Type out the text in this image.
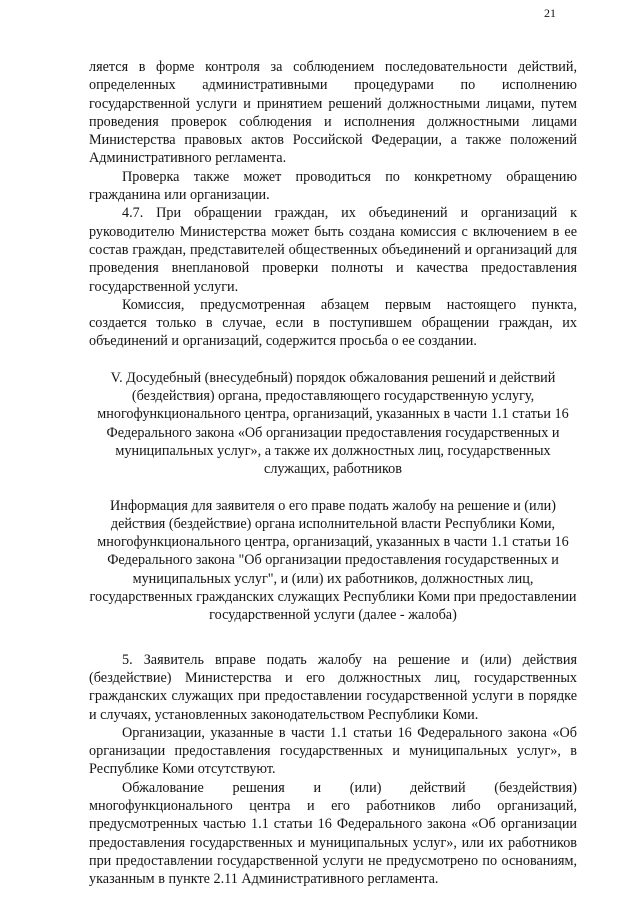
21

ляется в форме контроля за соблюдением последовательности действий, определенных административными процедурами по исполнению государственной услуги и принятием решений должностными лицами, путем проведения проверок соблюдения и исполнения должностными лицами Министерства правовых актов Российской Федерации, а также положений Административного регламента.

Проверка также может проводиться по конкретному обращению гражданина или организации.

4.7. При обращении граждан, их объединений и организаций к руководителю Министерства может быть создана комиссия с включением в ее состав граждан, представителей общественных объединений и организаций для проведения внеплановой проверки полноты и качества предоставления государственной услуги.

Комиссия, предусмотренная абзацем первым настоящего пункта, создается только в случае, если в поступившем обращении граждан, их объединений и организаций, содержится просьба о ее создании.

V. Досудебный (внесудебный) порядок обжалования решений и действий (бездействия) органа, предоставляющего государственную услугу, многофункционального центра, организаций, указанных в части 1.1 статьи 16 Федерального закона «Об организации предоставления государственных и муниципальных услуг», а также их должностных лиц, государственных служащих, работников

Информация для заявителя о его праве подать жалобу на решение и (или) действия (бездействие) органа исполнительной власти Республики Коми, многофункционального центра, организаций, указанных в части 1.1 статьи 16 Федерального закона "Об организации предоставления государственных и муниципальных услуг", и (или) их работников, должностных лиц, государственных гражданских служащих Республики Коми при предоставлении государственной услуги (далее - жалоба)

5. Заявитель вправе подать жалобу на решение и (или) действия (бездействие) Министерства и его должностных лиц, государственных гражданских служащих при предоставлении государственной услуги в порядке и случаях, установленных законодательством Республики Коми.

Организации, указанные в части 1.1 статьи 16 Федерального закона «Об организации предоставления государственных и муниципальных услуг», в Республике Коми отсутствуют.

Обжалование решения и (или) действий (бездействия) многофункционального центра и его работников либо организаций, предусмотренных частью 1.1 статьи 16 Федерального закона «Об организации предоставления государственных и муниципальных услуг», или их работников при предоставлении государственной услуги не предусмотрено по основаниям, указанным в пункте 2.11 Административного регламента.
